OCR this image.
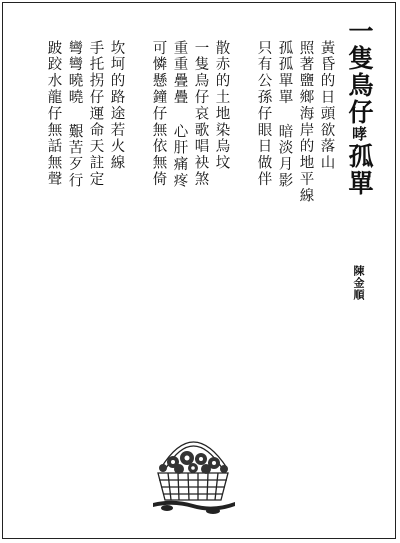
一隻鳥仔哮孤單
陳金順
黃昏的日頭欲落山
照著鹽鄉海岸的地平線
孤孤單單 暗淡月影
只有公孫仔眼日做伴
散赤的土地染烏坟
一隻鳥仔哀歌唱袂煞
重重疊疊 心肝痛疼
可憐懸鐘仔無依無倚
坎坷的路途若火線
手托拐仔運命天註定
彎彎曉曉 艱苦歹行
跛跤水龍仔無話無聲
